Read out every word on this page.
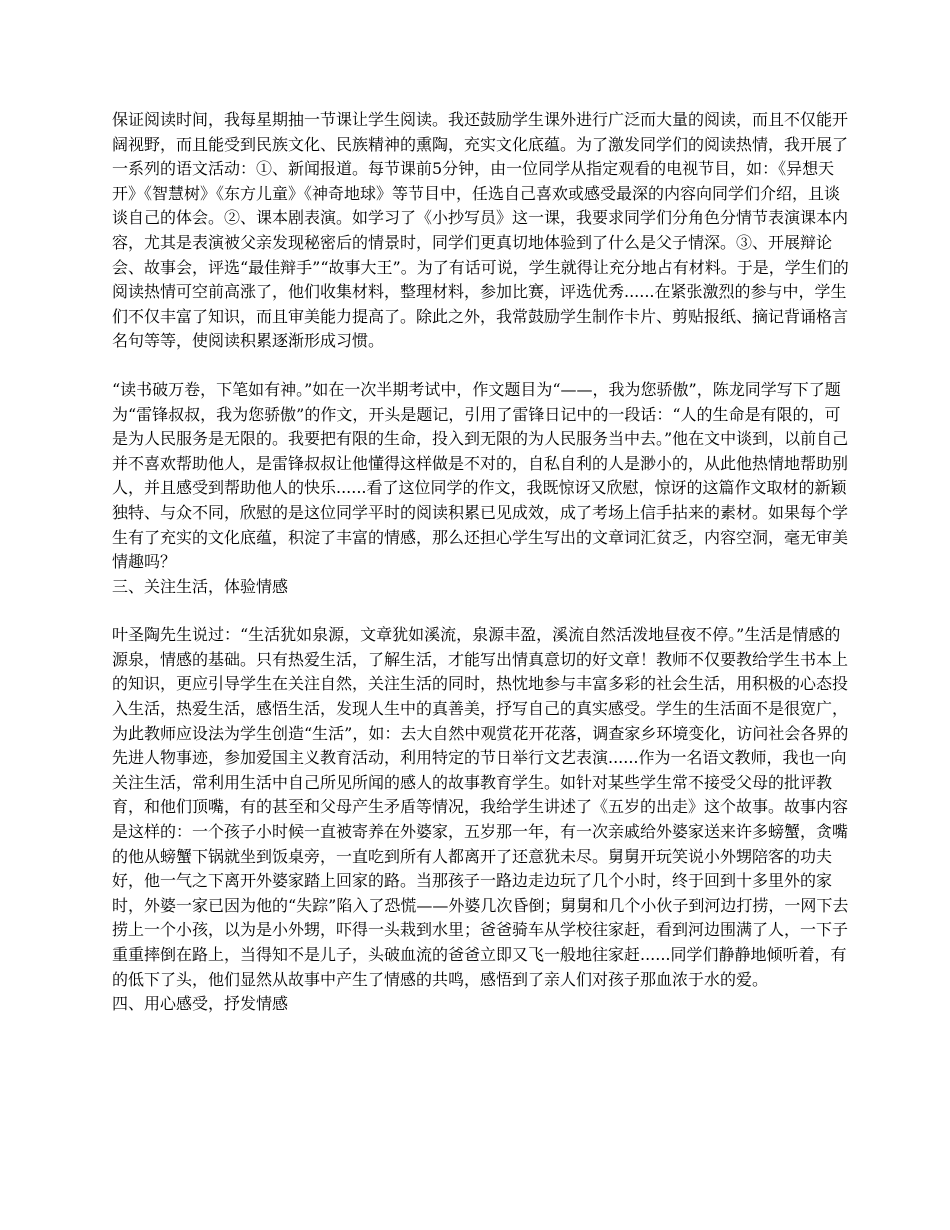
保证阅读时间，我每星期抽一节课让学生阅读。我还鼓励学生课外进行广泛而大量的阅读，而且不仅能开阔视野，而且能受到民族文化、民族精神的熏陶，充实文化底蕴。为了激发同学们的阅读热情，我开展了一系列的语文活动：①、新闻报道。每节课前5分钟，由一位同学从指定观看的电视节目，如：《异想天开》《智慧树》《东方儿童》《神奇地球》等节目中，任选自己喜欢或感受最深的内容向同学们介绍，且谈谈自己的体会。②、课本剧表演。如学习了《小抄写员》这一课，我要求同学们分角色分情节表演课本内容，尤其是表演被父亲发现秘密后的情景时，同学们更真切地体验到了什么是父子情深。③、开展辩论会、故事会，评选“最佳辩手”“故事大王”。为了有话可说，学生就得让充分地占有材料。于是，学生们的阅读热情可空前高涨了，他们收集材料，整理材料，参加比赛，评选优秀......在紧张激烈的参与中，学生们不仅丰富了知识，而且审美能力提高了。除此之外，我常鼓励学生制作卡片、剪贴报纸、摘记背诵格言名句等等，使阅读积累逐渐形成习惯。

“读书破万卷，下笔如有神。”如在一次半期考试中，作文题目为“——，我为您骄傲”，陈龙同学写下了题为“雷锋叔叔，我为您骄傲”的作文，开头是题记，引用了雷锋日记中的一段话：“人的生命是有限的，可是为人民服务是无限的。我要把有限的生命，投入到无限的为人民服务当中去。”他在文中谈到，以前自己并不喜欢帮助他人，是雷锋叔叔让他懂得这样做是不对的，自私自利的人是渺小的，从此他热情地帮助别人，并且感受到帮助他人的快乐......看了这位同学的作文，我既惊讶又欣慰，惊讶的这篇作文取材的新颖独特、与众不同，欣慰的是这位同学平时的阅读积累已见成效，成了考场上信手拈来的素材。如果每个学生有了充实的文化底蕴，积淀了丰富的情感，那么还担心学生写出的文章词汇贫乏，内容空洞，毫无审美情趣吗？

三、关注生活，体验情感

叶圣陶先生说过：“生活犹如泉源，文章犹如溪流，泉源丰盈，溪流自然活泼地昼夜不停。”生活是情感的源泉，情感的基础。只有热爱生活，了解生活，才能写出情真意切的好文章！教师不仅要教给学生书本上的知识，更应引导学生在关注自然，关注生活的同时，热忱地参与丰富多彩的社会生活，用积极的心态投入生活，热爱生活，感悟生活，发现人生中的真善美，抒写自己的真实感受。学生的生活面不是很宽广，为此教师应设法为学生创造“生活”，如：去大自然中观赏花开花落，调查家乡环境变化，访问社会各界的先进人物事迹，参加爱国主义教育活动，利用特定的节日举行文艺表演......作为一名语文教师，我也一向关注生活，常利用生活中自己所见所闻的感人的故事教育学生。如针对某些学生常不接受父母的批评教育，和他们顶嘴，有的甚至和父母产生矛盾等情况，我给学生讲述了《五岁的出走》这个故事。故事内容是这样的：一个孩子小时候一直被寄养在外婆家，五岁那一年，有一次亲戚给外婆家送来许多螃蟹，贪嘴的他从螃蟹下锅就坐到饭桌旁，一直吃到所有人都离开了还意犹未尽。舅舅开玩笑说小外甥陪客的功夫好，他一气之下离开外婆家踏上回家的路。当那孩子一路边走边玩了几个小时，终于回到十多里外的家时，外婆一家已因为他的“失踪”陷入了恐慌——外婆几次昏倒；舅舅和几个小伙子到河边打捞，一网下去捞上一个小孩，以为是小外甥，吓得一头栽到水里；爸爸骑车从学校往家赶，看到河边围满了人，一下子重重摔倒在路上，当得知不是儿子，头破血流的爸爸立即又飞一般地往家赶......同学们静静地倾听着，有的低下了头，他们显然从故事中产生了情感的共鸣，感悟到了亲人们对孩子那血浓于水的爱。

四、用心感受，抒发情感
